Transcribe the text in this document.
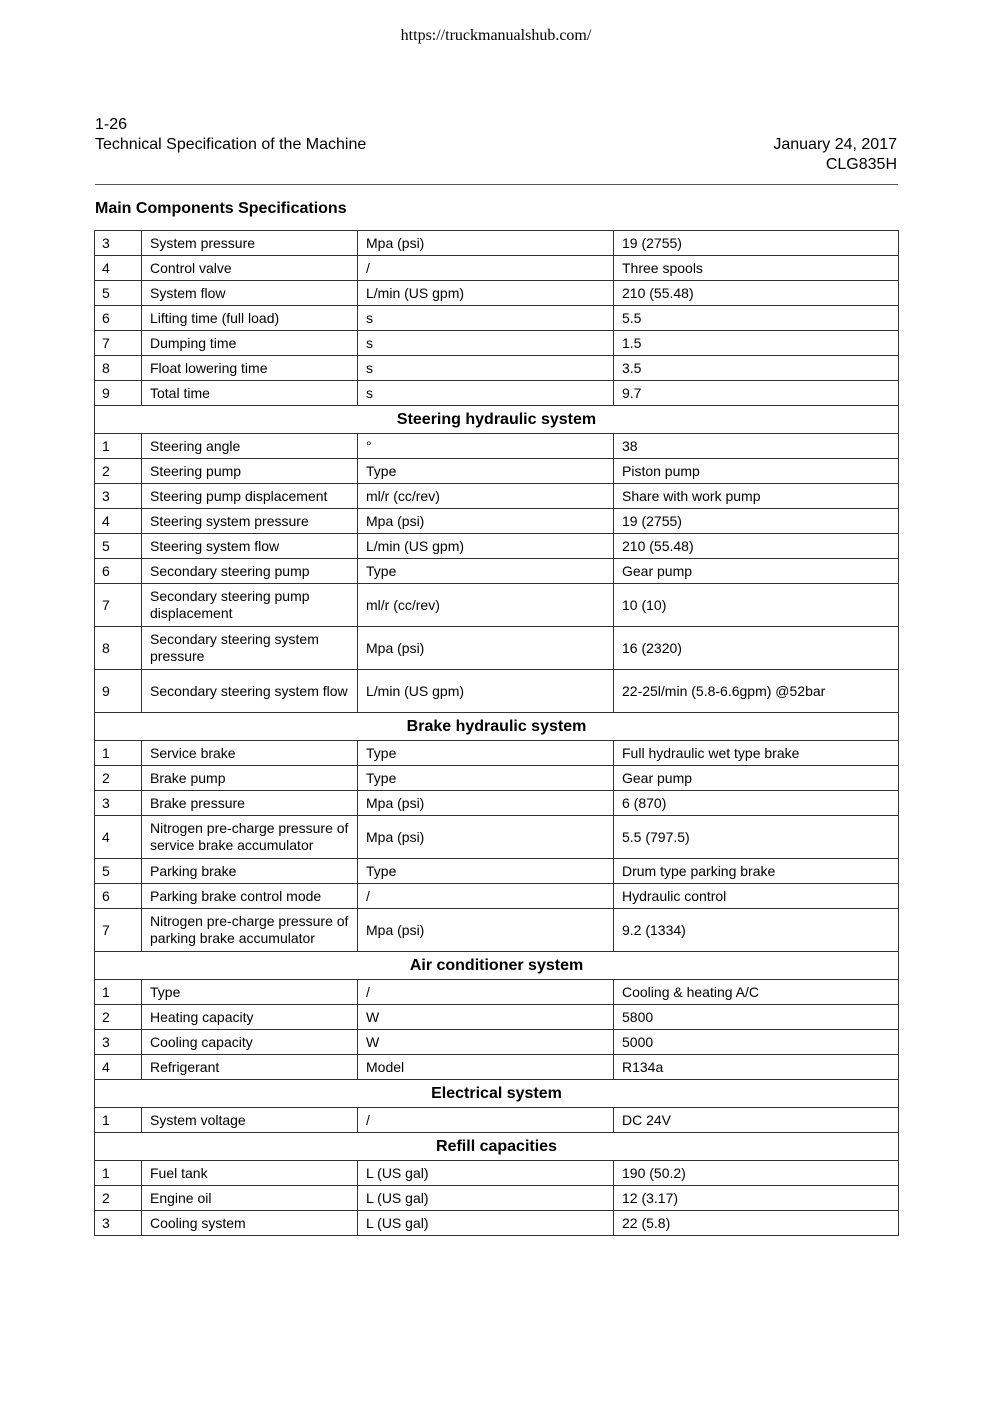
https://truckmanualshub.com/
1-26
Technical Specification of the Machine	January 24, 2017
CLG835H
Main Components Specifications
3	System pressure	Mpa (psi)	19 (2755)
4	Control valve	/	Three spools
5	System flow	L/min (US gpm)	210 (55.48)
6	Lifting time (full load)	s	5.5
7	Dumping time	s	1.5
8	Float lowering time	s	3.5
9	Total time	s	9.7
Steering hydraulic system			
1	Steering angle	°	38
2	Steering pump	Type	Piston pump
3	Steering pump displacement	ml/r (cc/rev)	Share with work pump
4	Steering system pressure	Mpa (psi)	19 (2755)
5	Steering system flow	L/min (US gpm)	210 (55.48)
6	Secondary steering pump	Type	Gear pump
7	Secondary steering pump displacement	ml/r (cc/rev)	10 (10)
8	Secondary steering system pressure	Mpa (psi)	16 (2320)
9	Secondary steering system flow	L/min (US gpm)	22-25l/min (5.8-6.6gpm) @52bar
Brake hydraulic system			
1	Service brake	Type	Full hydraulic wet type brake
2	Brake pump	Type	Gear pump
3	Brake pressure	Mpa (psi)	6 (870)
4	Nitrogen pre-charge pressure of service brake accumulator	Mpa (psi)	5.5 (797.5)
5	Parking brake	Type	Drum type parking brake
6	Parking brake control mode	/	Hydraulic control
7	Nitrogen pre-charge pressure of parking brake accumulator	Mpa (psi)	9.2 (1334)
Air conditioner system			
1	Type	/	Cooling & heating A/C
2	Heating capacity	W	5800
3	Cooling capacity	W	5000
4	Refrigerant	Model	R134a
Electrical system			
1	System voltage	/	DC 24V
Refill capacities			
1	Fuel tank	L (US gal)	190 (50.2)
2	Engine oil	L (US gal)	12 (3.17)
3	Cooling system	L (US gal)	22 (5.8)
